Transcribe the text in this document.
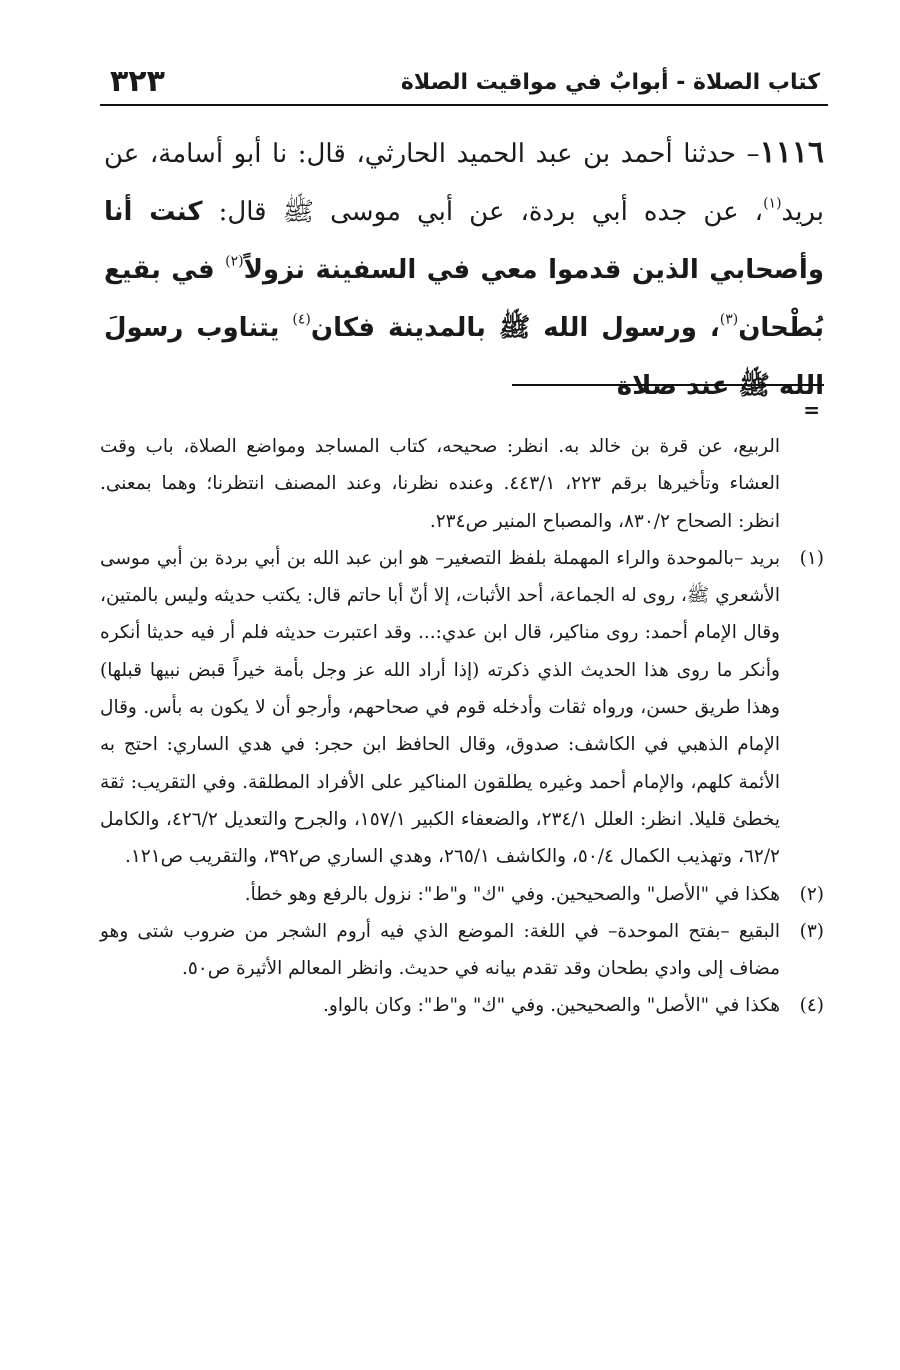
كتاب الصلاة - أبوابٌ في مواقيت الصلاة
٣٢٣

١١١٦– حدثنا أحمد بن عبد الحميد الحارثي، قال: نا أبو أسامة، عن بريد$^{(١)}$، عن جده أبي بردة، عن أبي موسى ﷺ قال: كنت أنا وأصحابي الذين قدموا معي في السفينة نزولاً$^{(٢)}$ في بقيع بُطْحان$^{(٣)}$، ورسول الله ﷺ بالمدينة فكان$^{(٤)}$ يتناوب رسولَ الله ﷺ عند صلاة

=

الربيع، عن قرة بن خالد به. انظر: صحيحه، كتاب المساجد ومواضع الصلاة، باب وقت العشاء وتأخيرها برقم ٢٢٣، ٤٤٣/١. وعنده نظرنا، وعند المصنف انتظرنا؛ وهما بمعنى. انظر: الصحاح ٨٣٠/٢، والمصباح المنير ص٢٣٤.

(١)
بريد –بالموحدة والراء المهملة بلفظ التصغير– هو ابن عبد الله بن أبي بردة بن أبي موسى الأشعري ﷺ، روى له الجماعة، أحد الأثبات، إلا أنّ أبا حاتم قال: يكتب حديثه وليس بالمتين، وقال الإمام أحمد: روى مناكير، قال ابن عدي:... وقد اعتبرت حديثه فلم أر فيه حديثا أنكره وأنكر ما روى هذا الحديث الذي ذكرته (إذا أراد الله عز وجل بأمة خيراً قبض نبيها قبلها) وهذا طريق حسن، ورواه ثقات وأدخله قوم في صحاحهم، وأرجو أن لا يكون به بأس. وقال الإمام الذهبي في الكاشف: صدوق، وقال الحافظ ابن حجر: في هدي الساري: احتج به الأئمة كلهم، والإمام أحمد وغيره يطلقون المناكير على الأفراد المطلقة. وفي التقريب: ثقة يخطئ قليلا. انظر: العلل ٢٣٤/١، والضعفاء الكبير ١٥٧/١، والجرح والتعديل ٤٢٦/٢، والكامل ٦٢/٢، وتهذيب الكمال ٥٠/٤، والكاشف ٢٦٥/١، وهدي الساري ص٣٩٢، والتقريب ص١٢١.
(٢)
هكذا في "الأصل" والصحيحين. وفي "ك" و"ط": نزول بالرفع وهو خطأ.
(٣)
البقيع –بفتح الموحدة– في اللغة: الموضع الذي فيه أروم الشجر من ضروب شتى وهو مضاف إلى وادي بطحان وقد تقدم بيانه في حديث. وانظر المعالم الأثيرة ص٥٠.
(٤)
هكذا في "الأصل" والصحيحين. وفي "ك" و"ط": وكان بالواو.
